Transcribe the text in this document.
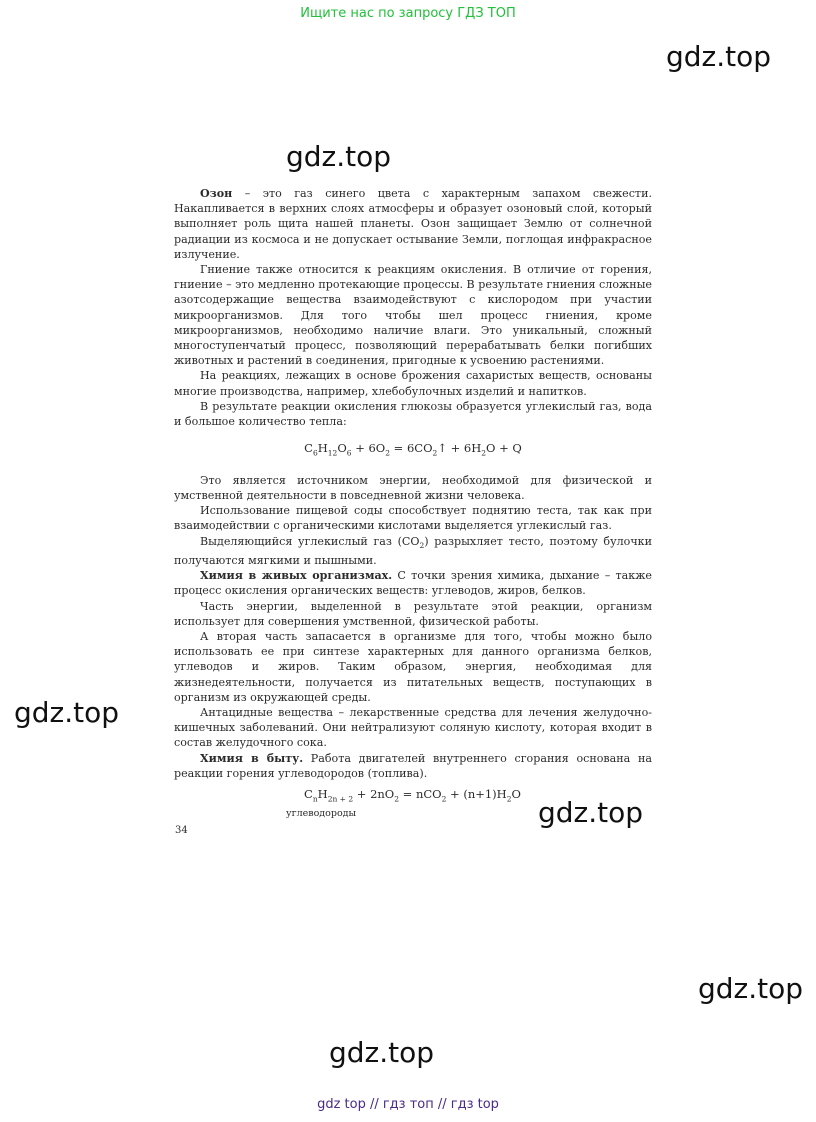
Ищите нас по запросу ГДЗ ТОП
gdz.top
gdz.top
gdz.top
gdz.top
gdz.top
gdz.top

Озон – это газ синего цвета с характерным запахом свежести. Накапливается в верхних слоях атмосферы и образует озоновый слой, который выполняет роль щита нашей планеты. Озон защищает Землю от солнечной радиации из космоса и не допускает остывание Земли, поглощая инфракрасное излучение.

Гниение также относится к реакциям окисления. В отличие от горения, гниение – это медленно протекающие процессы. В результате гниения сложные азотсодержащие вещества взаимодействуют с кислородом при участии микроорганизмов. Для того чтобы шел процесс гниения, кроме микроорганизмов, необходимо наличие влаги. Это уникальный, сложный многоступенчатый процесс, позволяющий перерабатывать белки погибших животных и растений в соединения, пригодные к усвоению растениями.

На реакциях, лежащих в основе брожения сахаристых веществ, основаны многие производства, например, хлебобулочных изделий и напитков.

В результате реакции окисления глюкозы образуется углекислый газ, вода и большое количество тепла:

$C_6H_{12}O_6 + 6O_2$ = $6CO_2↑ + 6H_2O + Q$

Это является источником энергии, необходимой для физической и умственной деятельности в повседневной жизни человека.

Использование пищевой соды способствует поднятию теста, так как при взаимодействии с органическими кислотами выделяется углекислый газ.

Выделяющийся углекислый газ $(CO_2)$ разрыхляет тесто, поэтому булочки получаются мягкими и пышными.

Химия в живых организмах. С точки зрения химика, дыхание – также процесс окисления органических веществ: углеводов, жиров, белков.

Часть энергии, выделенной в результате этой реакции, организм использует для совершения умственной, физической работы.

А вторая часть запасается в организме для того, чтобы можно было использовать ее при синтезе характерных для данного организма белков, углеводов и жиров. Таким образом, энергия, необходимая для жизнедеятельности, получается из питательных веществ, поступающих в организм из окружающей среды.

Антацидные вещества – лекарственные средства для лечения желудочно-кишечных заболеваний. Они нейтрализуют соляную кислоту, которая входит в состав желудочного сока.

Химия в быту. Работа двигателей внутреннего сгорания основана на реакции горения углеводородов (топлива).

$C_nH_{2n + 2} + 2nO_2 = nCO_2 + (n+1)H_2O$
углеводороды
34
gdz top // гдз топ // гдз top
